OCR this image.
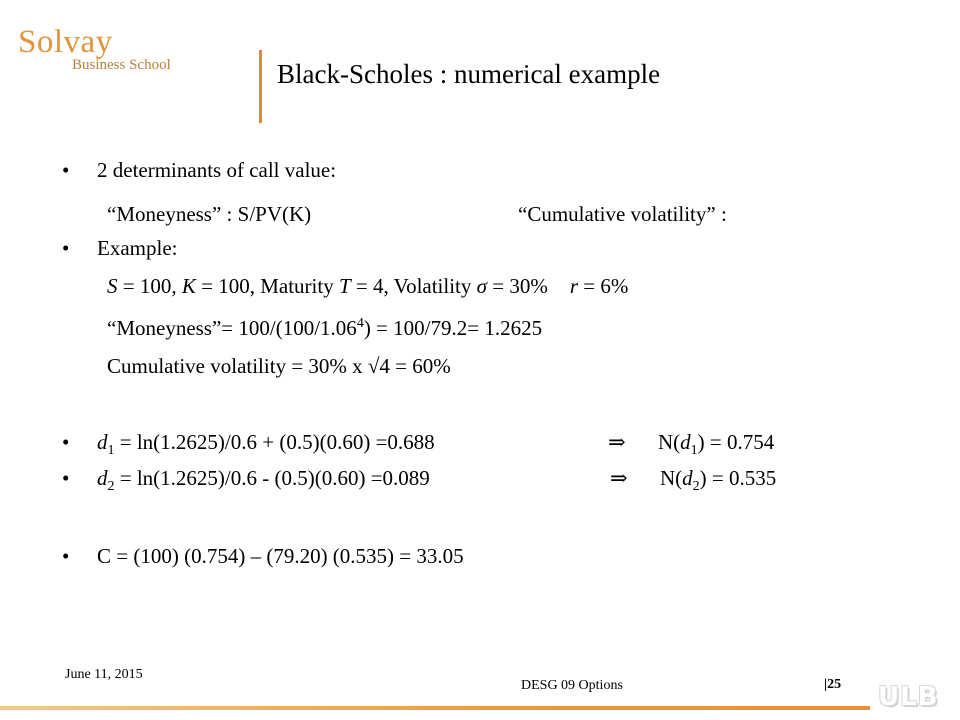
Solvay
Business School	Black-Scholes : numerical example
• 2 determinants of call value:
“Moneyness” : S/PV(K)	“Cumulative volatility” :
• Example:
S = 100, K = 100, Maturity T = 4, Volatility σ = 30% r = 6%
“Moneyness”= $100/(100/1.06^4) = 100/79.2= 1.2625$
Cumulative volatility = 30% x √4 = 60%
• $d_1 = \ln(1.2625)/0.6 + (0.5)(0.60) =0.688$	⇒ $N(d_1) = 0.754$
• $d_2 = \ln(1.2625)/0.6 - (0.5)(0.60) =0.089$	⇒ $N(d_2) = 0.535$
• C = (100) (0.754) – (79.20) (0.535) = 33.05
June 11, 2015
DESG 09 Options	|25 ULB
